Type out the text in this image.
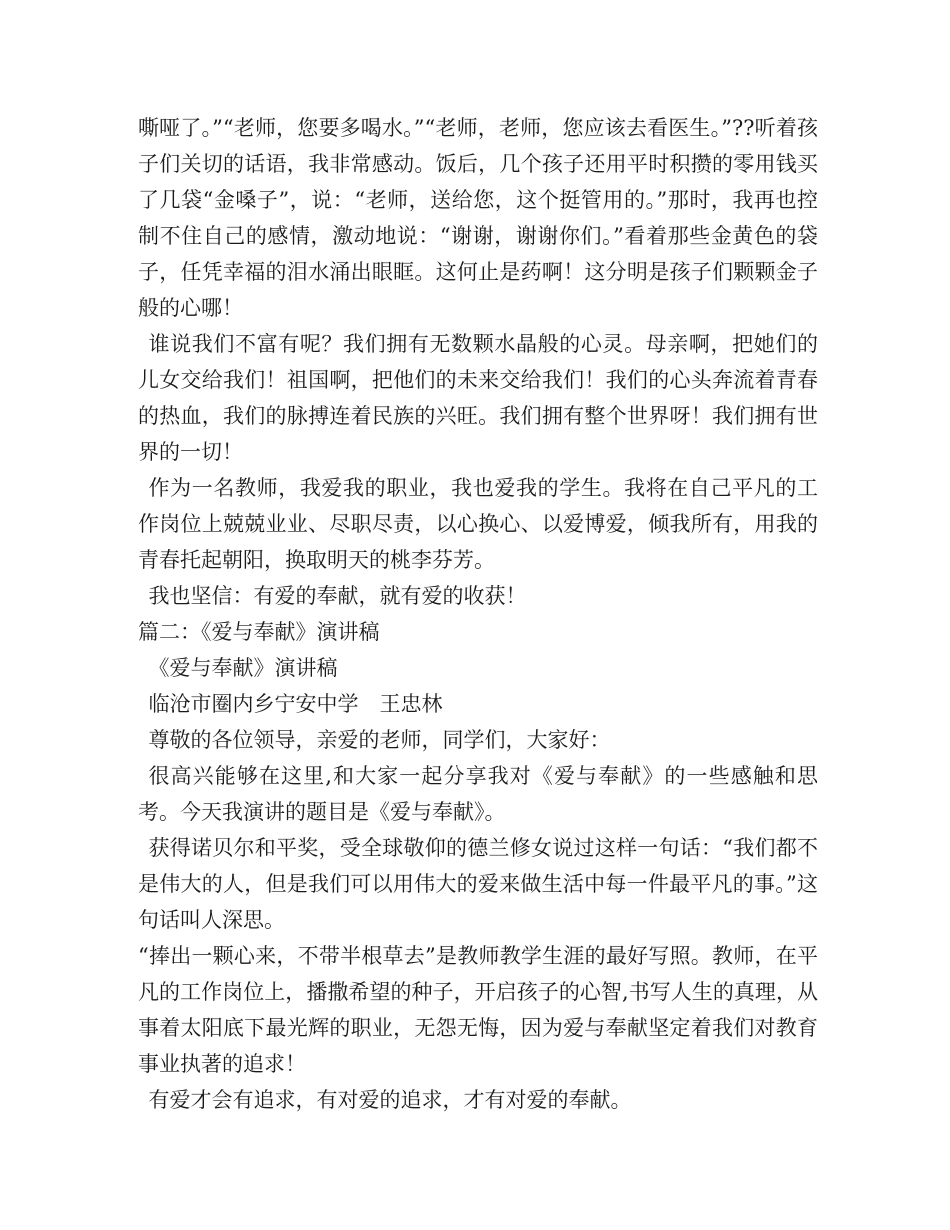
嘶哑了。”“老师，您要多喝水。”“老师，老师，您应该去看医生。”??听着孩子们关切的话语，我非常感动。饭后，几个孩子还用平时积攒的零用钱买了几袋“金嗓子”，说：“老师，送给您，这个挺管用的。”那时，我再也控制不住自己的感情，激动地说：“谢谢，谢谢你们。”看着那些金黄色的袋子，任凭幸福的泪水涌出眼眶。这何止是药啊！这分明是孩子们颗颗金子般的心哪！

谁说我们不富有呢？我们拥有无数颗水晶般的心灵。母亲啊，把她们的儿女交给我们！祖国啊，把他们的未来交给我们！我们的心头奔流着青春的热血，我们的脉搏连着民族的兴旺。我们拥有整个世界呀！我们拥有世界的一切！

作为一名教师，我爱我的职业，我也爱我的学生。我将在自己平凡的工作岗位上兢兢业业、尽职尽责，以心换心、以爱博爱，倾我所有，用我的青春托起朝阳，换取明天的桃李芬芳。

我也坚信：有爱的奉献，就有爱的收获！

篇二：《爱与奉献》演讲稿

《爱与奉献》演讲稿

临沧市圈内乡宁安中学　王忠林

尊敬的各位领导，亲爱的老师，同学们，大家好：

很高兴能够在这里,和大家一起分享我对《爱与奉献》的一些感触和思考。今天我演讲的题目是《爱与奉献》。

获得诺贝尔和平奖，受全球敬仰的德兰修女说过这样一句话：“我们都不是伟大的人，但是我们可以用伟大的爱来做生活中每一件最平凡的事。”这句话叫人深思。

“捧出一颗心来，不带半根草去”是教师教学生涯的最好写照。教师，在平凡的工作岗位上，播撒希望的种子，开启孩子的心智,书写人生的真理，从事着太阳底下最光辉的职业，无怨无悔，因为爱与奉献坚定着我们对教育事业执著的追求！

有爱才会有追求，有对爱的追求，才有对爱的奉献。
